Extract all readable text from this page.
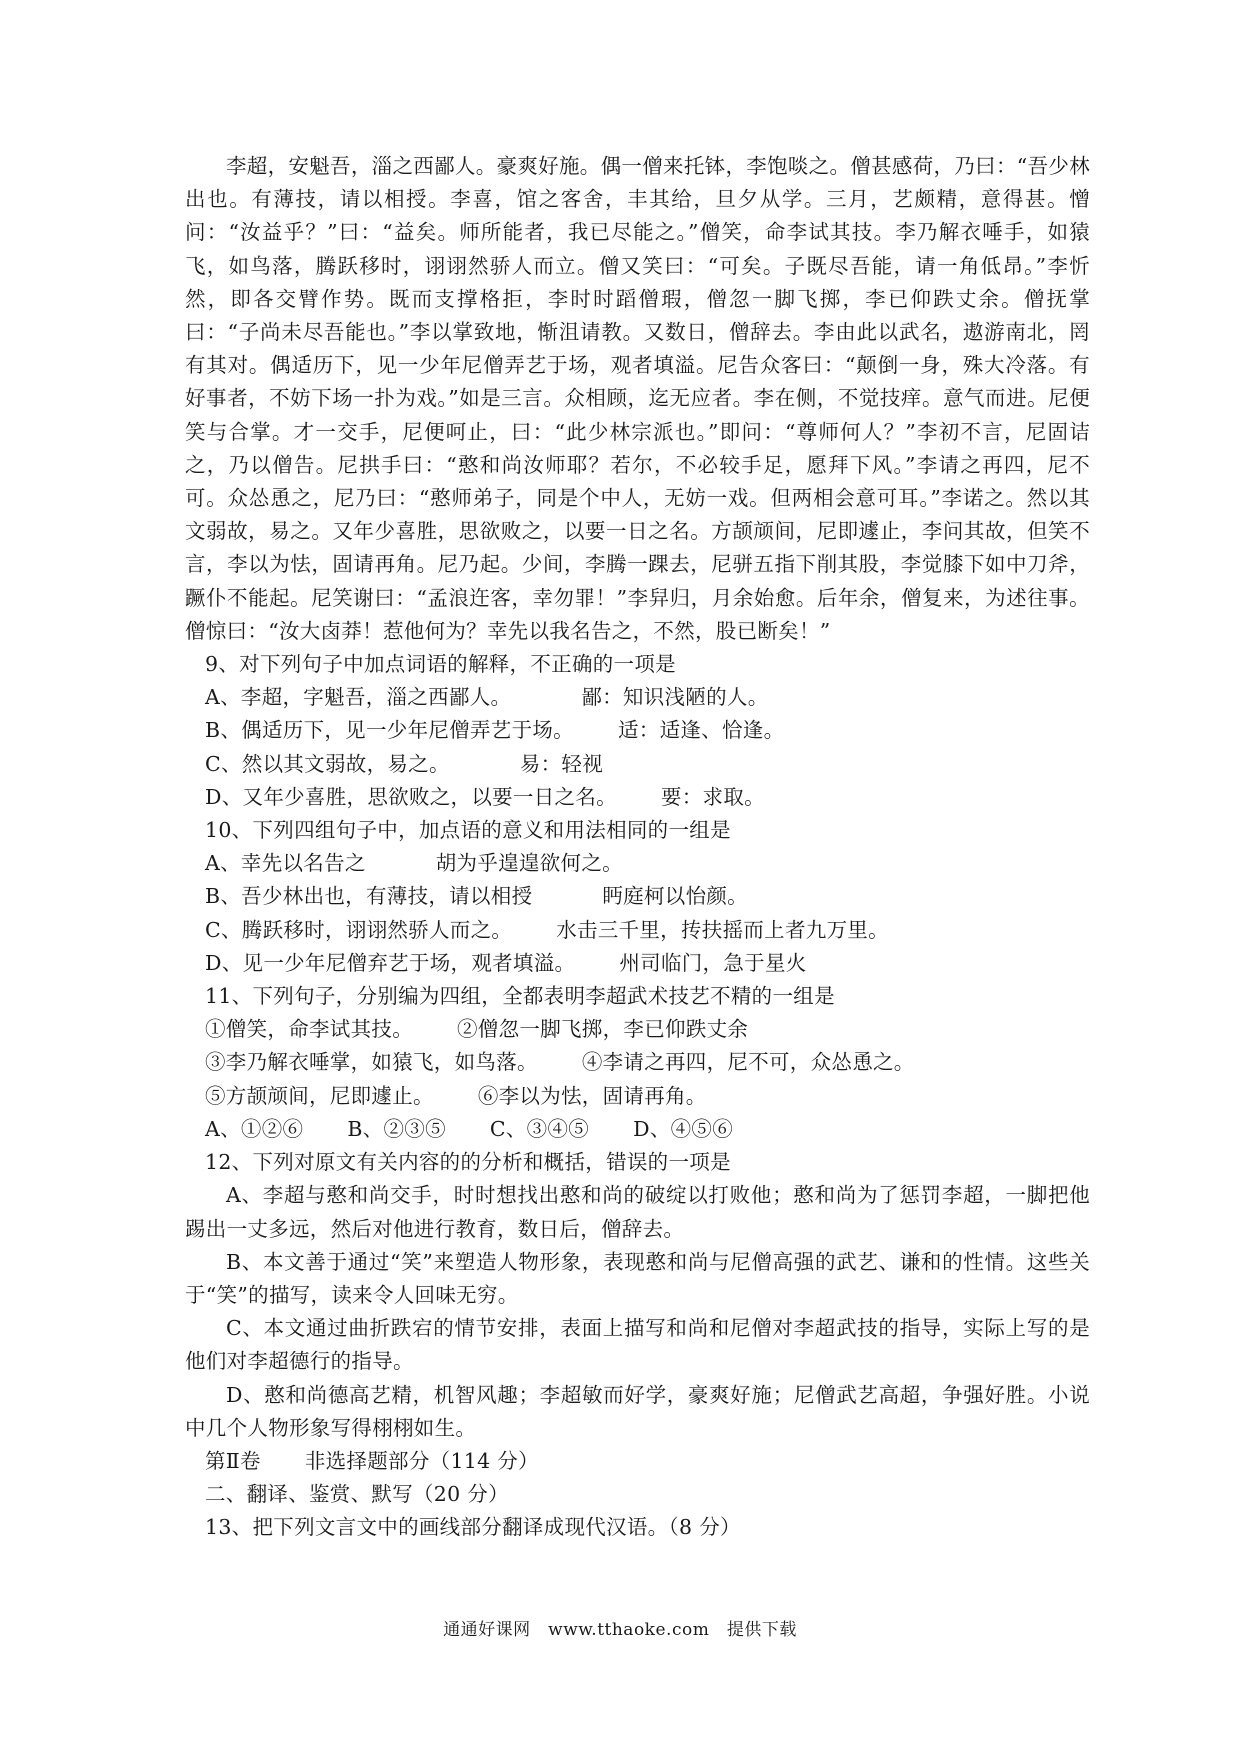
李超，安魁吾，淄之西鄙人。豪爽好施。偶一僧来托钵，李饱啖之。僧甚感荷，乃曰：“吾少林出也。有薄技，请以相授。李喜，馆之客舍，丰其给，旦夕从学。三月，艺颇精，意得甚。憎问：“汝益乎？”曰：“益矣。师所能者，我已尽能之。”僧笑，命李试其技。李乃解衣唾手，如猿飞，如鸟落，腾跃移时，诩诩然骄人而立。僧又笑曰：“可矣。子既尽吾能，请一角低昂。”李忻然，即各交臂作势。既而支撑格拒，李时时蹈僧瑕，僧忽一脚飞掷，李已仰跌丈余。僧抚掌曰：“子尚未尽吾能也。”李以掌致地，惭沮请教。又数日，僧辞去。李由此以武名，遨游南北，罔有其对。偶适历下，见一少年尼僧弄艺于场，观者填溢。尼告众客曰：“颠倒一身，殊大冷落。有好事者，不妨下场一扑为戏。”如是三言。众相顾，迄无应者。李在侧，不觉技痒。意气而进。尼便笑与合掌。才一交手，尼便呵止，曰：“此少林宗派也。”即问：“尊师何人？”李初不言，尼固诘之，乃以僧告。尼拱手曰：“憨和尚汝师耶？若尔，不必较手足，愿拜下风。”李请之再四，尼不可。众怂恿之，尼乃曰：“憨师弟子，同是个中人，无妨一戏。但两相会意可耳。”李诺之。然以其文弱故，易之。又年少喜胜，思欲败之，以要一日之名。方颉颃间，尼即遽止，李问其故，但笑不言，李以为怯，固请再角。尼乃起。少间，李腾一踝去，尼骈五指下削其股，李觉膝下如中刀斧，蹶仆不能起。尼笑谢曰：“孟浪迕客，幸勿罪！”李舁归，月余始愈。后年余，僧复来，为述往事。僧惊曰：“汝大卤莽！惹他何为？幸先以我名告之，不然，股已断矣！”

9、对下列句子中加点词语的解释，不正确的一项是

A、李超，字魁吾，淄之西鄙人。	鄙：知识浅陋的人。

B、偶适历下，见一少年尼僧弄艺于场。 适：适逢、恰逢。

C、然以其文弱故，易之。	易：轻视

D、又年少喜胜，思欲败之，以要一日之名。 要：求取。

10、下列四组句子中，加点语的意义和用法相同的一组是

A、幸先以名告之	胡为乎遑遑欲何之。

B、吾少林出也，有薄技，请以相授	眄庭柯以怡颜。

C、腾跃移时，诩诩然骄人而之。 水击三千里，抟扶摇而上者九万里。

D、见一少年尼僧弃艺于场，观者填溢。 州司临门，急于星火

11、下列句子，分别编为四组，全都表明李超武术技艺不精的一组是

①僧笑，命李试其技。 ②僧忽一脚飞掷，李已仰跌丈余

③李乃解衣唾掌，如猿飞，如鸟落。 ④李请之再四，尼不可，众怂恿之。

⑤方颉颃间，尼即遽止。 ⑥李以为怯，固请再角。

A、①②⑥ B、②③⑤ C、③④⑤ D、④⑤⑥

12、下列对原文有关内容的的分析和概括，错误的一项是

A、李超与憨和尚交手，时时想找出憨和尚的破绽以打败他；憨和尚为了惩罚李超，一脚把他踢出一丈多远，然后对他进行教育，数日后，僧辞去。

B、本文善于通过“笑”来塑造人物形象，表现憨和尚与尼僧高强的武艺、谦和的性情。这些关于“笑”的描写，读来令人回味无穷。

C、本文通过曲折跌宕的情节安排，表面上描写和尚和尼僧对李超武技的指导，实际上写的是他们对李超德行的指导。

D、憨和尚德高艺精，机智风趣；李超敏而好学，豪爽好施；尼僧武艺高超，争强好胜。小说中几个人物形象写得栩栩如生。

第Ⅱ卷 非选择题部分（114 分）

二、翻译、鉴赏、默写（20 分）

13、把下列文言文中的画线部分翻译成现代汉语。（8 分）

通通好课网　www.tthaoke.com　提供下载
